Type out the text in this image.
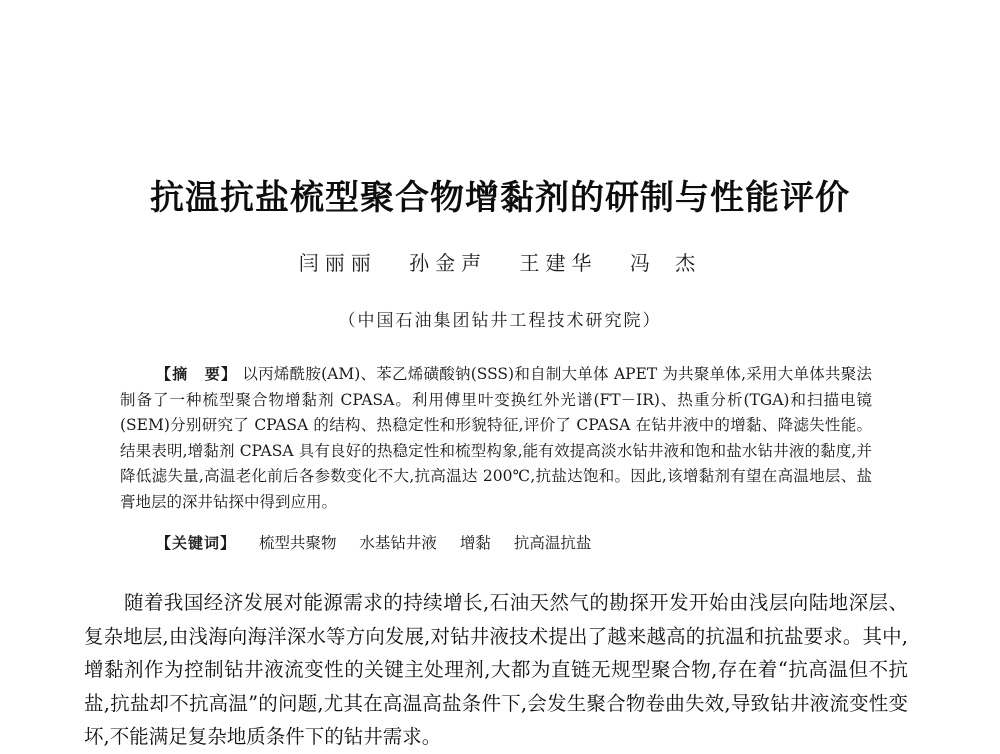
抗温抗盐梳型聚合物增黏剂的研制与性能评价
闫丽丽 孙金声 王建华 冯 杰
（中国石油集团钻井工程技术研究院）
【摘　要】 以丙烯酰胺(AM)、苯乙烯磺酸钠(SSS)和自制大单体 APET 为共聚单体,采用大单体共聚法制备了一种梳型聚合物增黏剂 CPASA。利用傅里叶变换红外光谱(FT－IR)、热重分析(TGA)和扫描电镜(SEM)分别研究了 CPASA 的结构、热稳定性和形貌特征,评价了 CPASA 在钻井液中的增黏、降滤失性能。结果表明,增黏剂 CPASA 具有良好的热稳定性和梳型构象,能有效提高淡水钻井液和饱和盐水钻井液的黏度,并降低滤失量,高温老化前后各参数变化不大,抗高温达 200℃,抗盐达饱和。因此,该增黏剂有望在高温地层、盐膏地层的深井钻探中得到应用。
【关键词】 梳型共聚物 水基钻井液 增黏 抗高温抗盐
随着我国经济发展对能源需求的持续增长,石油天然气的勘探开发开始由浅层向陆地深层、复杂地层,由浅海向海洋深水等方向发展,对钻井液技术提出了越来越高的抗温和抗盐要求。其中,增黏剂作为控制钻井液流变性的关键主处理剂,大都为直链无规型聚合物,存在着“抗高温但不抗盐,抗盐却不抗高温”的问题,尤其在高温高盐条件下,会发生聚合物卷曲失效,导致钻井液流变性变坏,不能满足复杂地质条件下的钻井需求。
